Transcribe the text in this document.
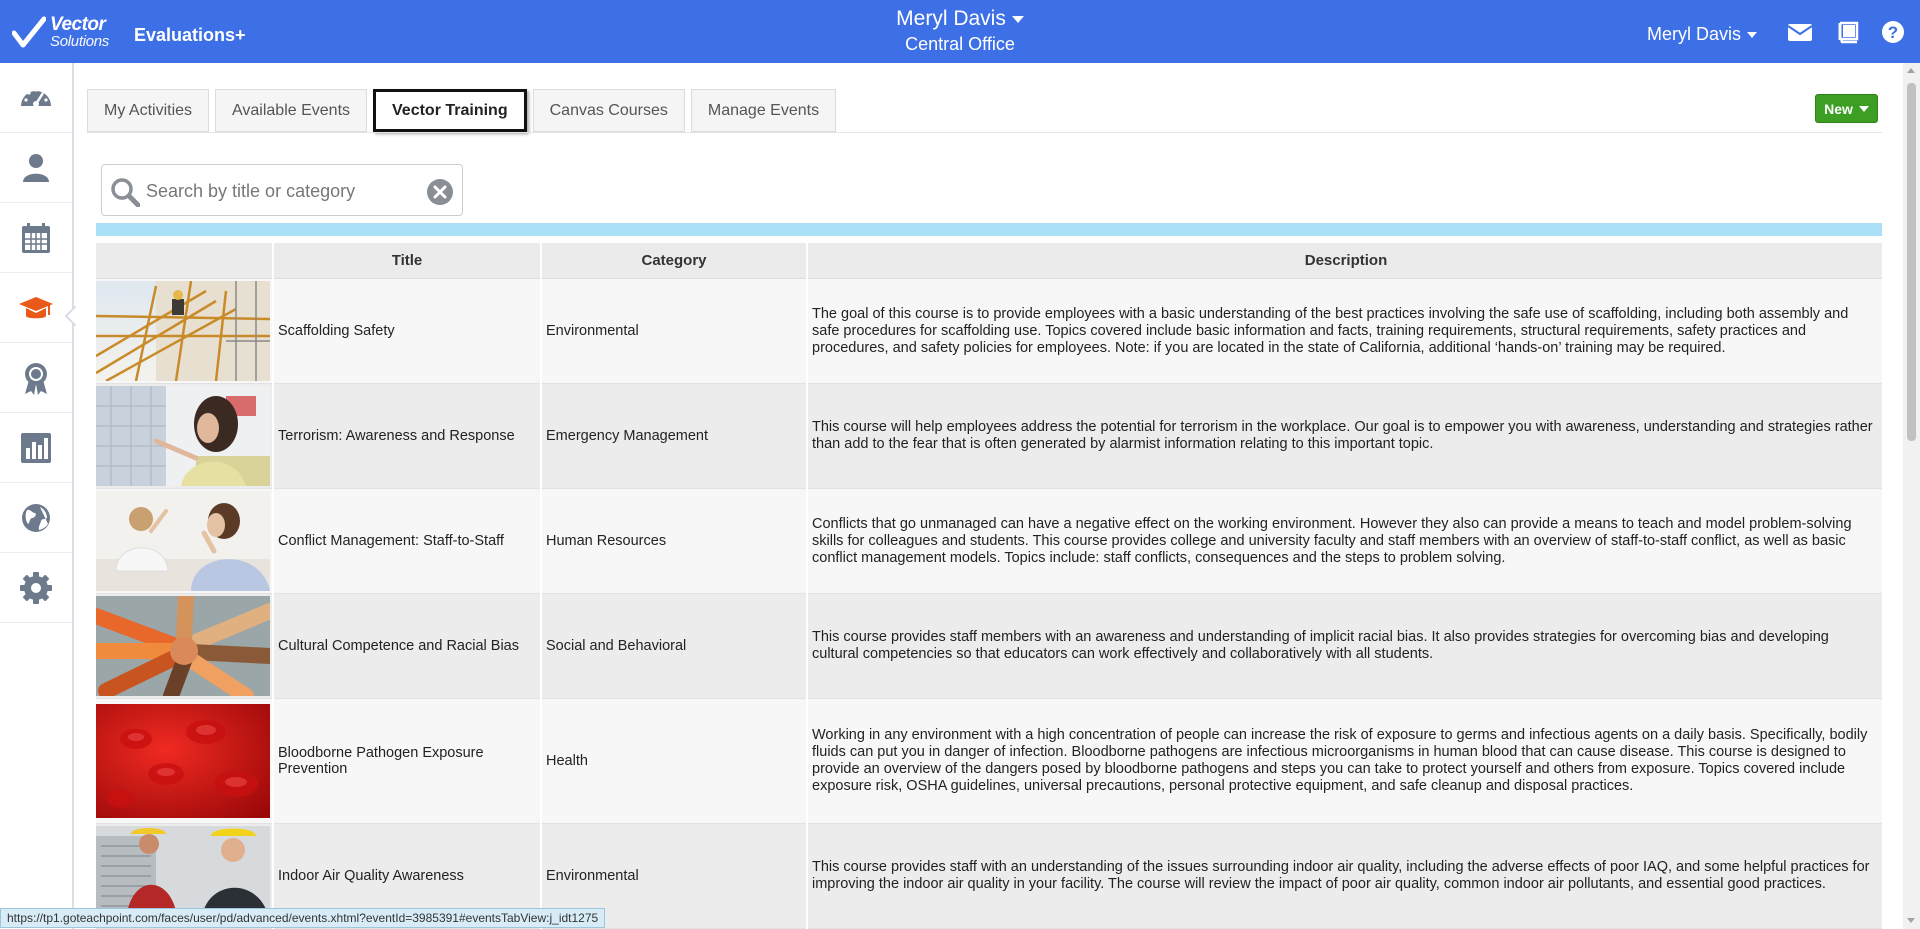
Vector
Solutions Evaluations+
Meryl Davis
Central Office	Meryl Davis	?
My Activities	Available Events	Vector Training	Canvas Courses	Manage Events	New
Search by title or category
	Title	Category	Description

	Scaffolding Safety	Environmental	The goal of this course is to provide employees with a basic understanding of the best practices involving the safe use of scaffolding, including both assembly and safe procedures for scaffolding use. Topics covered include basic information and facts, training requirements, structural requirements, safety practices and procedures, and safety policies for employees. Note: if you are located in the state of California, additional ‘hands-on’ training may be required.

	Terrorism: Awareness and Response	Emergency Management	This course will help employees address the potential for terrorism in the workplace. Our goal is to empower you with awareness, understanding and strategies rather than add to the fear that is often generated by alarmist information relating to this important topic.

	Conflict Management: Staff-to-Staff	Human Resources	Conflicts that go unmanaged can have a negative effect on the working environment. However they also can provide a means to teach and model problem-solving skills for colleagues and students. This course provides college and university faculty and staff members with an overview of staff-to-staff conflict, as well as basic conflict management models. Topics include: staff conflicts, consequences and the steps to problem solving.

	Cultural Competence and Racial Bias	Social and Behavioral	This course provides staff members with an awareness and understanding of implicit racial bias. It also provides strategies for overcoming bias and developing cultural competencies so that educators can work effectively and collaboratively with all students.

	Bloodborne Pathogen Exposure Prevention	Health	Working in any environment with a high concentration of people can increase the risk of exposure to germs and infectious agents on a daily basis. Specifically, bodily fluids can put you in danger of infection. Bloodborne pathogens are infectious microorganisms in human blood that can cause disease. This course is designed to provide an overview of the dangers posed by bloodborne pathogens and steps you can take to protect yourself and others from exposure. Topics covered include exposure risk, OSHA guidelines, universal precautions, personal protective equipment, and safe cleanup and disposal practices.

	Indoor Air Quality Awareness	Environmental	This course provides staff with an understanding of the issues surrounding indoor air quality, including the adverse effects of poor IAQ, and some helpful practices for improving the indoor air quality in your facility. The course will review the impact of poor air quality, common indoor air pollutants, and essential good practices.
https://tp1.goteachpoint.com/faces/user/pd/advanced/events.xhtml?eventId=3985391#eventsTabView:j_idt1275
